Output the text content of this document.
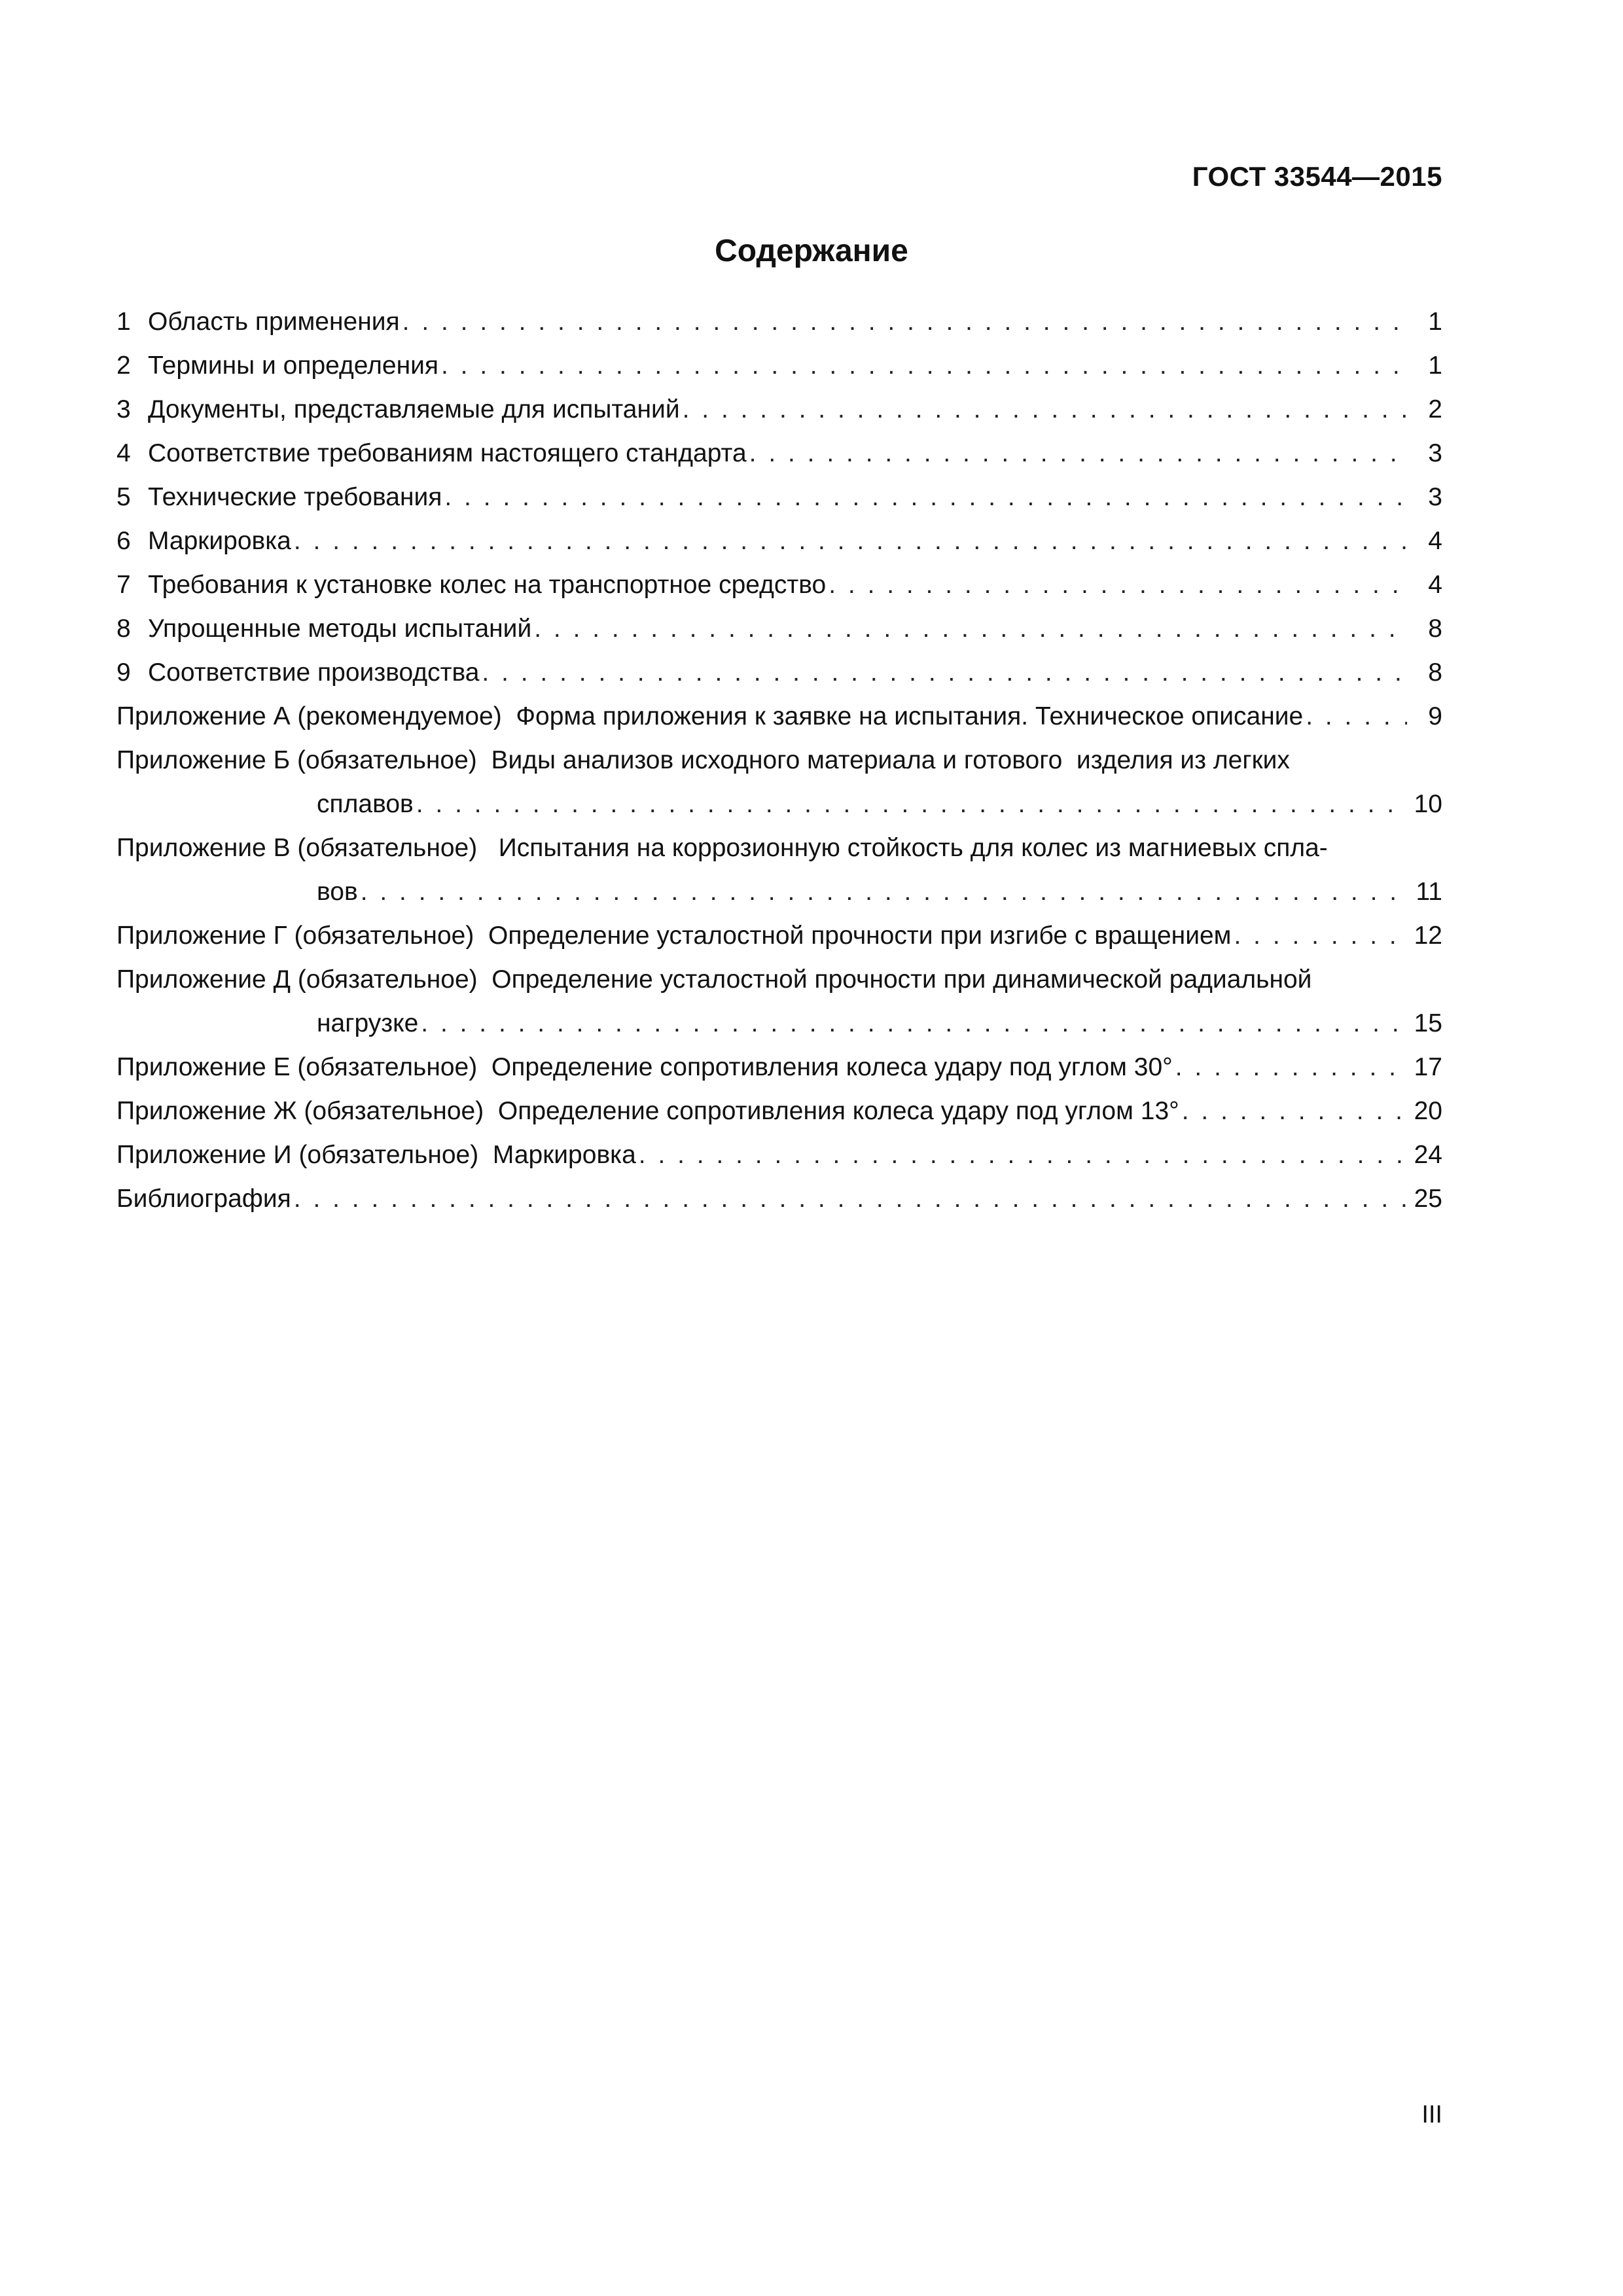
ГОСТ 33544—2015
Содержание
1 Область применения . . .	1
2 Термины и определения . . .	1
3 Документы, представляемые для испытаний . . .	2
4 Соответствие требованиям настоящего стандарта . . .	3
5 Технические требования . . .	3
6 Маркировка . . .	4
7 Требования к установке колес на транспортное средство . . .	4
8 Упрощенные методы испытаний . . .	8
9 Соответствие производства . . .	8
Приложение А (рекомендуемое)  Форма приложения к заявке на испытания. Техническое описание . . .	9
Приложение Б (обязательное)  Виды анализов исходного материала и готового  изделия из легких
сплавов . . .	10
Приложение В (обязательное)   Испытания на коррозионную стойкость для колес из магниевых спла-
вов . . .	11
Приложение Г (обязательное)  Определение усталостной прочности при изгибе с вращением . . .	12
Приложение Д (обязательное)  Определение усталостной прочности при динамической радиальной
нагрузке . . .	15
Приложение Е (обязательное)  Определение сопротивления колеса удару под углом 30° . . .	17
Приложение Ж (обязательное)  Определение сопротивления колеса удару под углом 13° . . .	20
Приложение И (обязательное)  Маркировка . . .	24
Библиография . . .	25
III
